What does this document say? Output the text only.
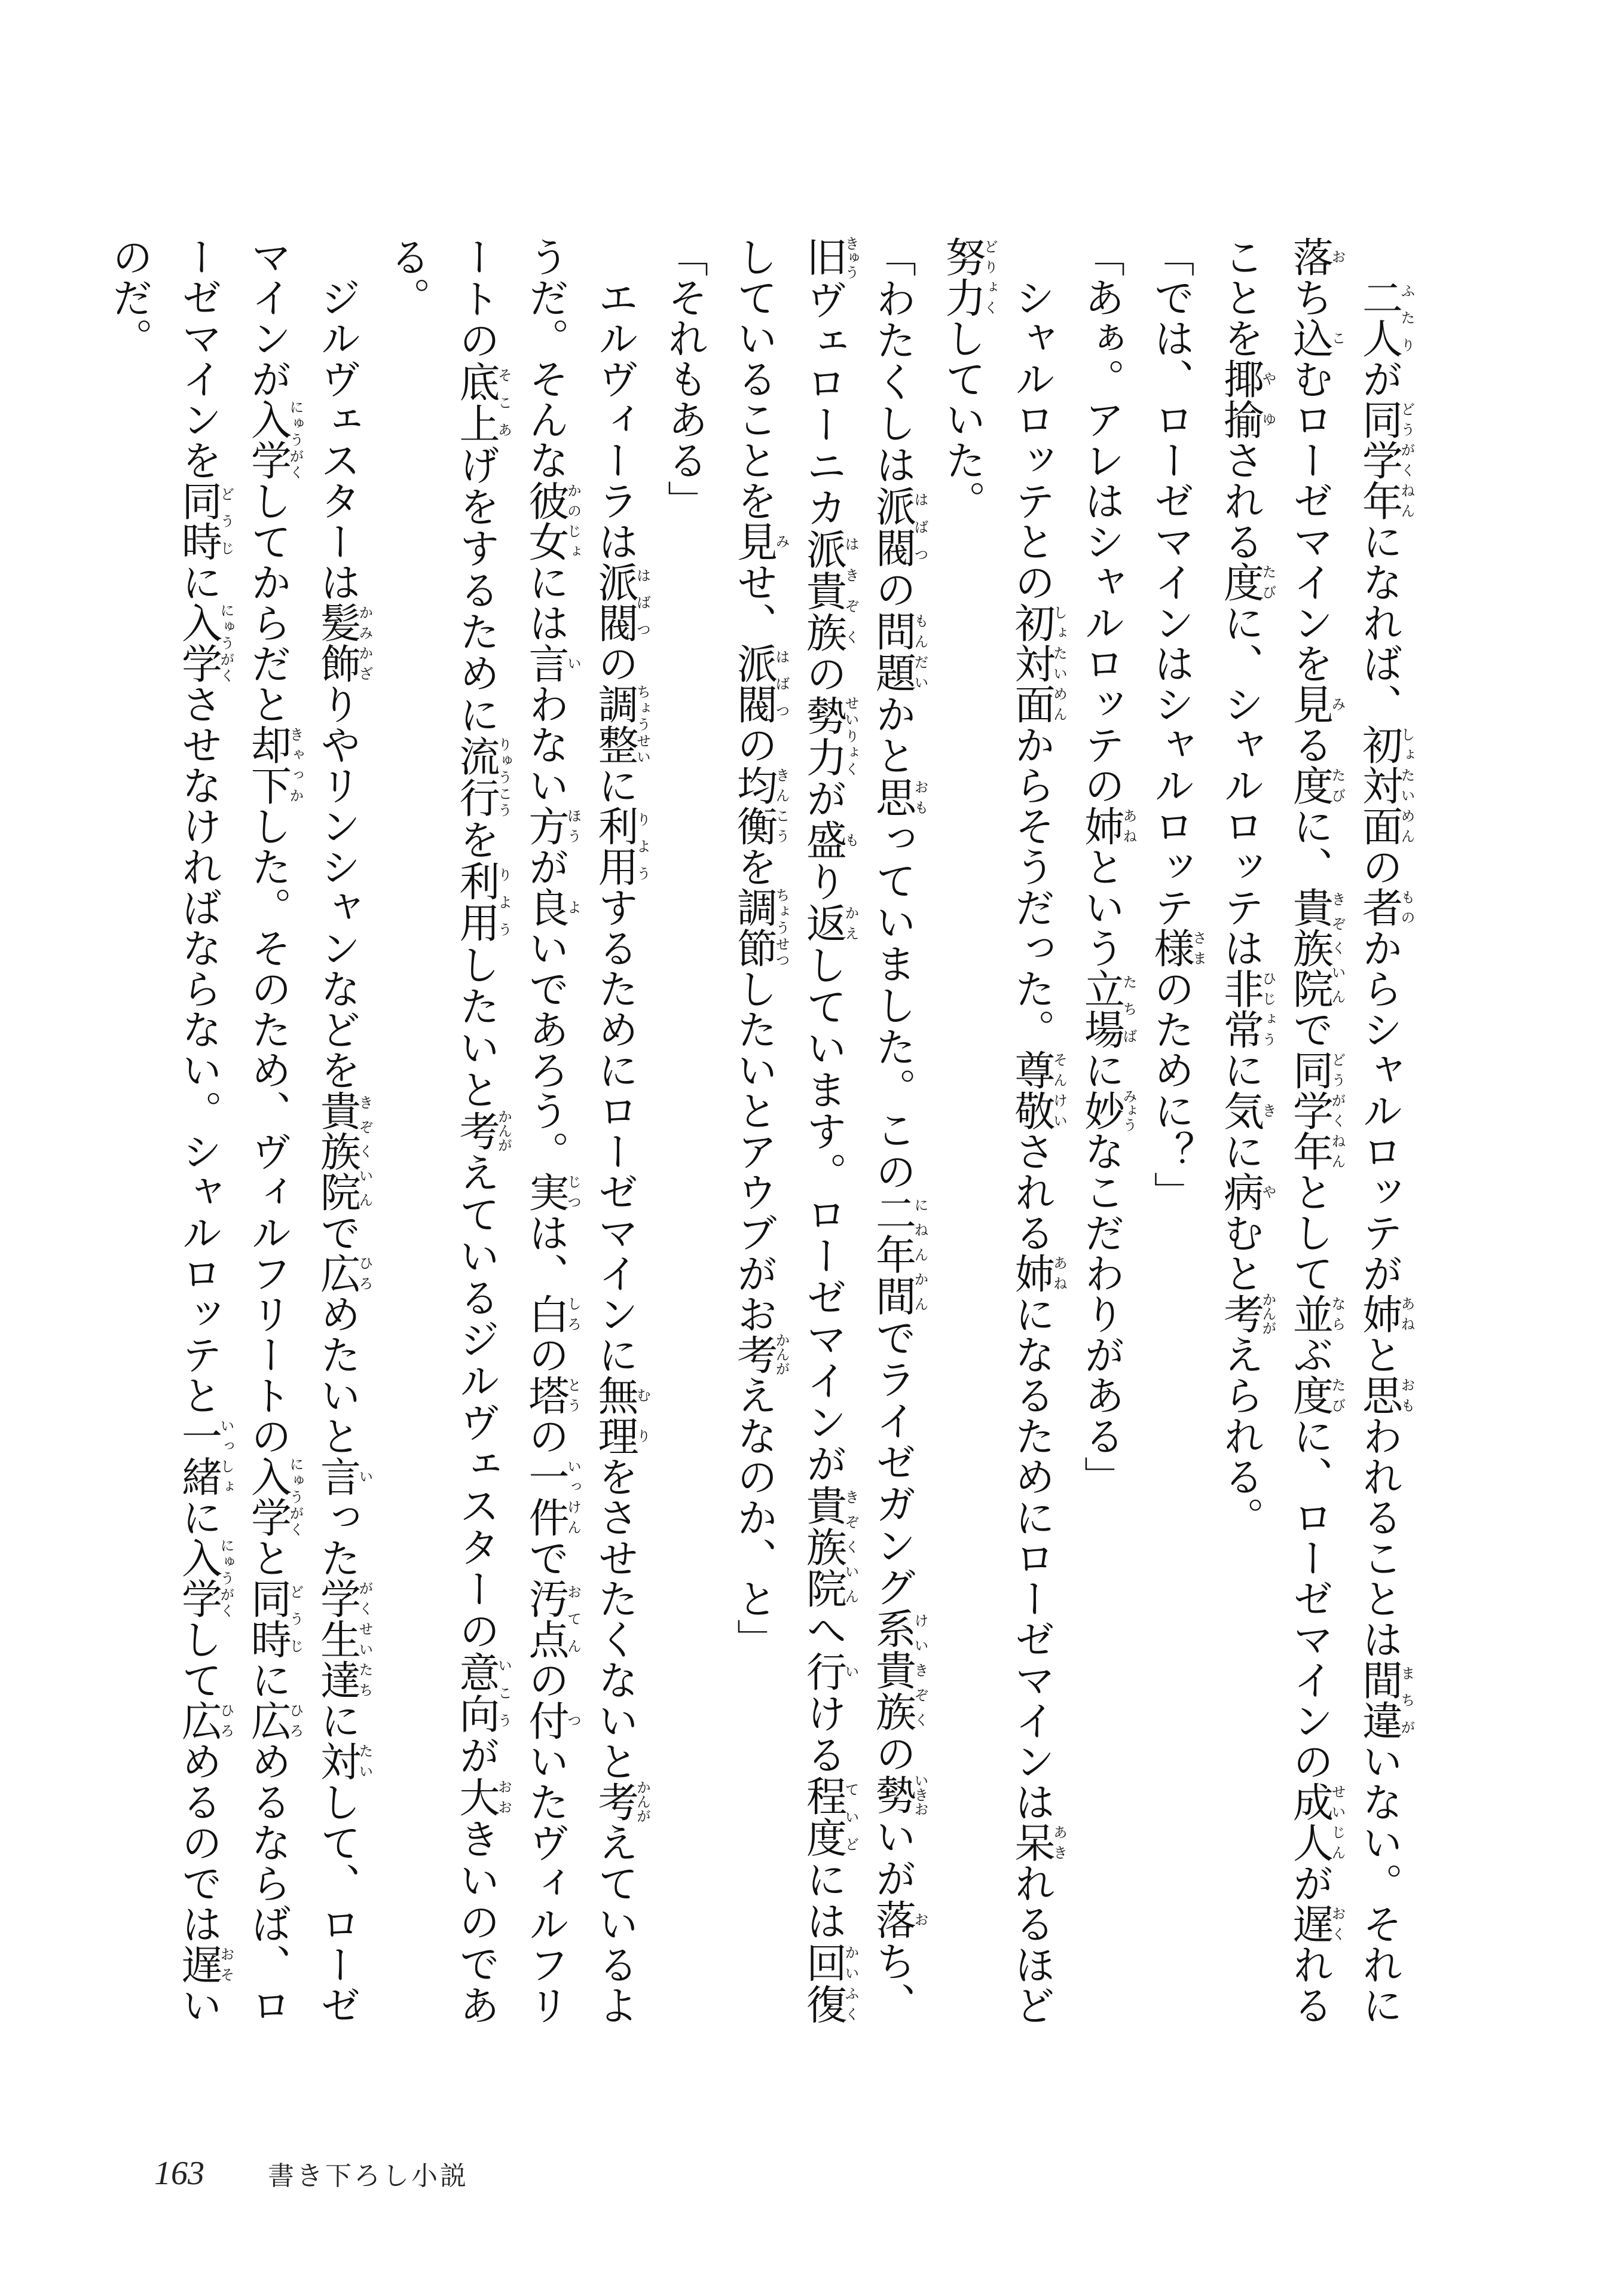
二人ふたりが同学年どうがくねんになれば、初対面しょたいめんの者ものからシャルロッテが姉あねと思おもわれることは間違まちがいない。それに落おち込こむローゼマインを見みる度たびに、貴族院きぞくいんで同学年どうがくねんとして並ならぶ度たびに、ローゼマインの成人せいじんが遅おくれることを揶揄やゆされる度たびに、シャルロッテは非常ひじょうに気きに病やむと考かんがえられる。

「では、ローゼマインはシャルロッテ様さまのために？」

「あぁ。アレはシャルロッテの姉あねという立場たちばに妙みょうなこだわりがある」

シャルロッテとの初対面しょたいめんからそうだった。尊敬そんけいされる姉あねになるためにローゼマインは呆あきれるほど努力どりょくしていた。

「わたくしは派閥はばつの問題もんだいかと思おもっていました。この二年間にねんかんでライゼガング系貴族けいきぞくの勢いきおいが落おち、旧きゅうヴェローニカ派貴族はきぞくの勢力せいりょくが盛もり返かえしています。ローゼマインが貴族院きぞくいんへ行いける程度ていどには回復かいふくしていることを見みせ、派閥はばつの均衡きんこうを調節ちょうせつしたいとアウブがお考かんがえなのか、と」

「それもある」

エルヴィーラは派閥はばつの調整ちょうせいに利用りようするためにローゼマインに無理むりをさせたくないと考かんがえているようだ。そんな彼女かのじょには言いわない方ほうが良よいであろう。実じつは、白しろの塔とうの一件いっけんで汚点おてんの付ついたヴィルフリートの底上そこあげをするために流行りゅうこうを利用りようしたいと考かんがえているジルヴェスターの意向いこうが大おおきいのである。

ジルヴェスターは髪飾かみかざりやリンシャンなどを貴族院きぞくいんで広ひろめたいと言いった学生達がくせいたちに対たいして、ローゼマインが入学にゅうがくしてからだと却下きゃっかした。そのため、ヴィルフリートの入学にゅうがくと同時どうじに広ひろめるならば、ローゼマインを同時どうじに入学にゅうがくさせなければならない。シャルロッテと一緒いっしょに入学にゅうがくして広ひろめるのでは遅おそいのだ。

163	書き下ろし小説
